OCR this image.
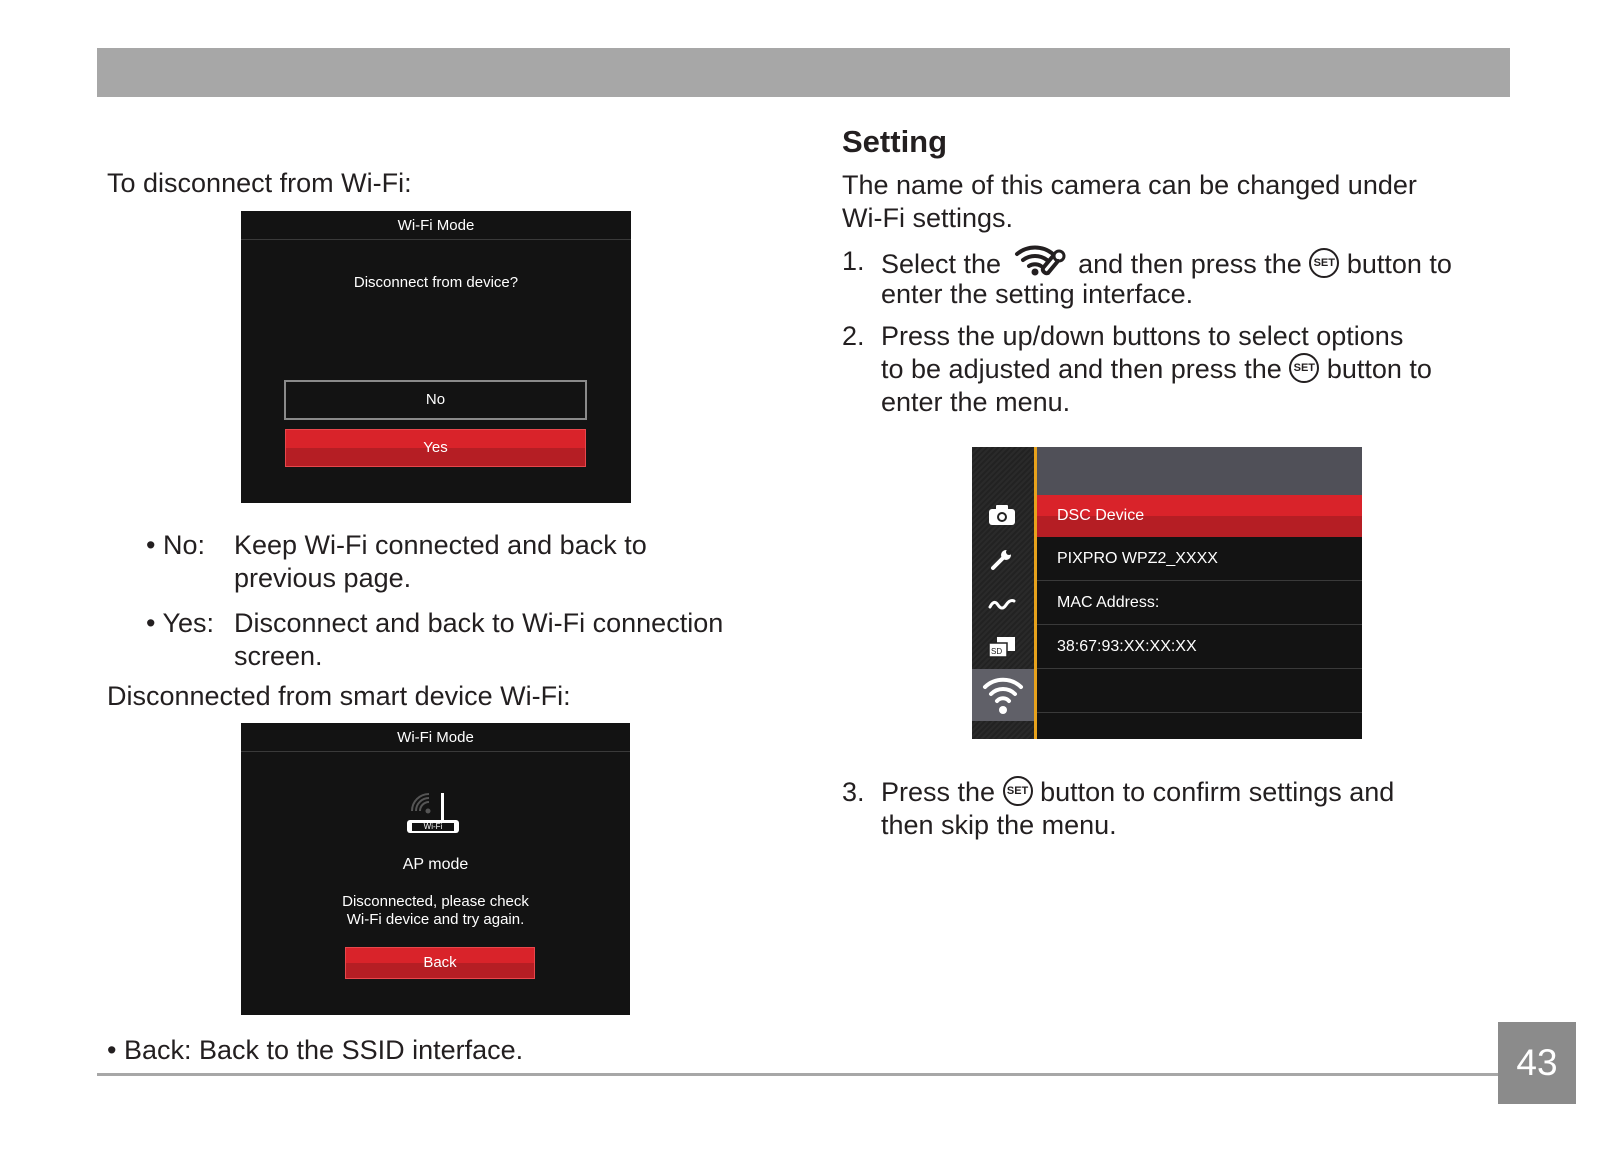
To disconnect from Wi-Fi:
Wi-Fi Mode
Disconnect from device?
No
Yes
• No: Keep Wi-Fi connected and back to
previous page.
• Yes: Disconnect and back to Wi-Fi connection
screen.
Disconnected from smart device Wi-Fi:
Wi-Fi Mode
Wi-Fi
AP mode
Disconnected, please check
Wi-Fi device and try again.
Back
• Back: Back to the SSID interface.
Setting
The name of this camera can be changed under
Wi-Fi settings.
1. Select the	and then press the SET button to
enter the setting interface.
2. Press the up/down buttons to select options
to be adjusted and then press the SET button to
enter the menu.
SD
DSC Device
PIXPRO WPZ2_XXXX
MAC Address:
38:67:93:XX:XX:XX
3. Press the SET button to confirm settings and
then skip the menu.
43
